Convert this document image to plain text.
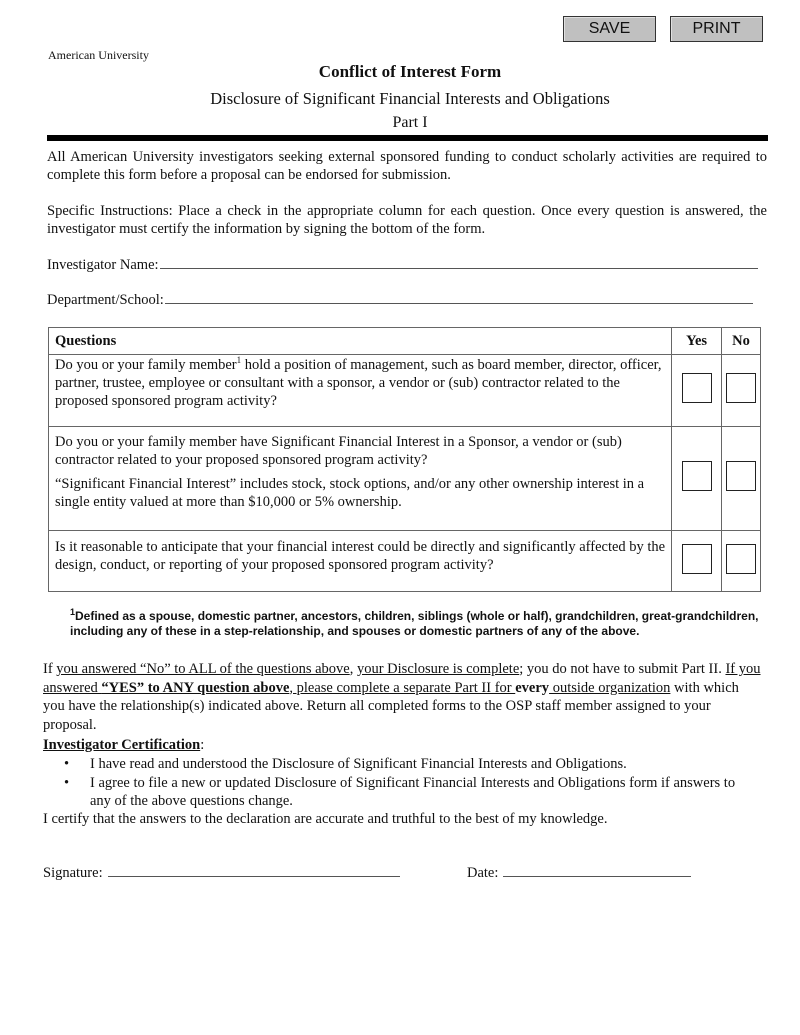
SAVE	PRINT
American University
Conflict of Interest Form
Disclosure of Significant Financial Interests and Obligations
Part I
All American University investigators seeking external sponsored funding to conduct scholarly activities are required to complete this form before a proposal can be endorsed for submission.
Specific Instructions: Place a check in the appropriate column for each question. Once every question is answered, the investigator must certify the information by signing the bottom of the form.
Investigator Name:
Department/School:
Questions	Yes	No
Do you or your family member$^1$ hold a position of management, such as board member, director, officer, partner, trustee, employee or consultant with a sponsor, a vendor or (sub) contractor related to the proposed sponsored program activity?		

Do you or your family member have Significant Financial Interest in a Sponsor, a vendor or (sub) contractor related to your proposed sponsored program activity?
“Significant Financial Interest” includes stock, stock options, and/or any other ownership interest in a single entity valued at more than $10,000 or 5% ownership.		

Is it reasonable to anticipate that your financial interest could be directly and significantly affected by the design, conduct, or reporting of your proposed sponsored program activity?		
$^1$Defined as a spouse, domestic partner, ancestors, children, siblings (whole or half), grandchildren, great-grandchildren, including any of these in a step-relationship, and spouses or domestic partners of any of the above.
If you answered “No” to ALL of the questions above, your Disclosure is complete; you do not have to submit Part II. If you answered “YES” to ANY question above, please complete a separate Part II for every outside organization with which you have the relationship(s) indicated above. Return all completed forms to the OSP staff member assigned to your proposal.
Investigator Certification:
•	I have read and understood the Disclosure of Significant Financial Interests and Obligations.
•	I agree to file a new or updated Disclosure of Significant Financial Interests and Obligations form if answers to any of the above questions change.
I certify that the answers to the declaration are accurate and truthful to the best of my knowledge.
Signature:	Date:
